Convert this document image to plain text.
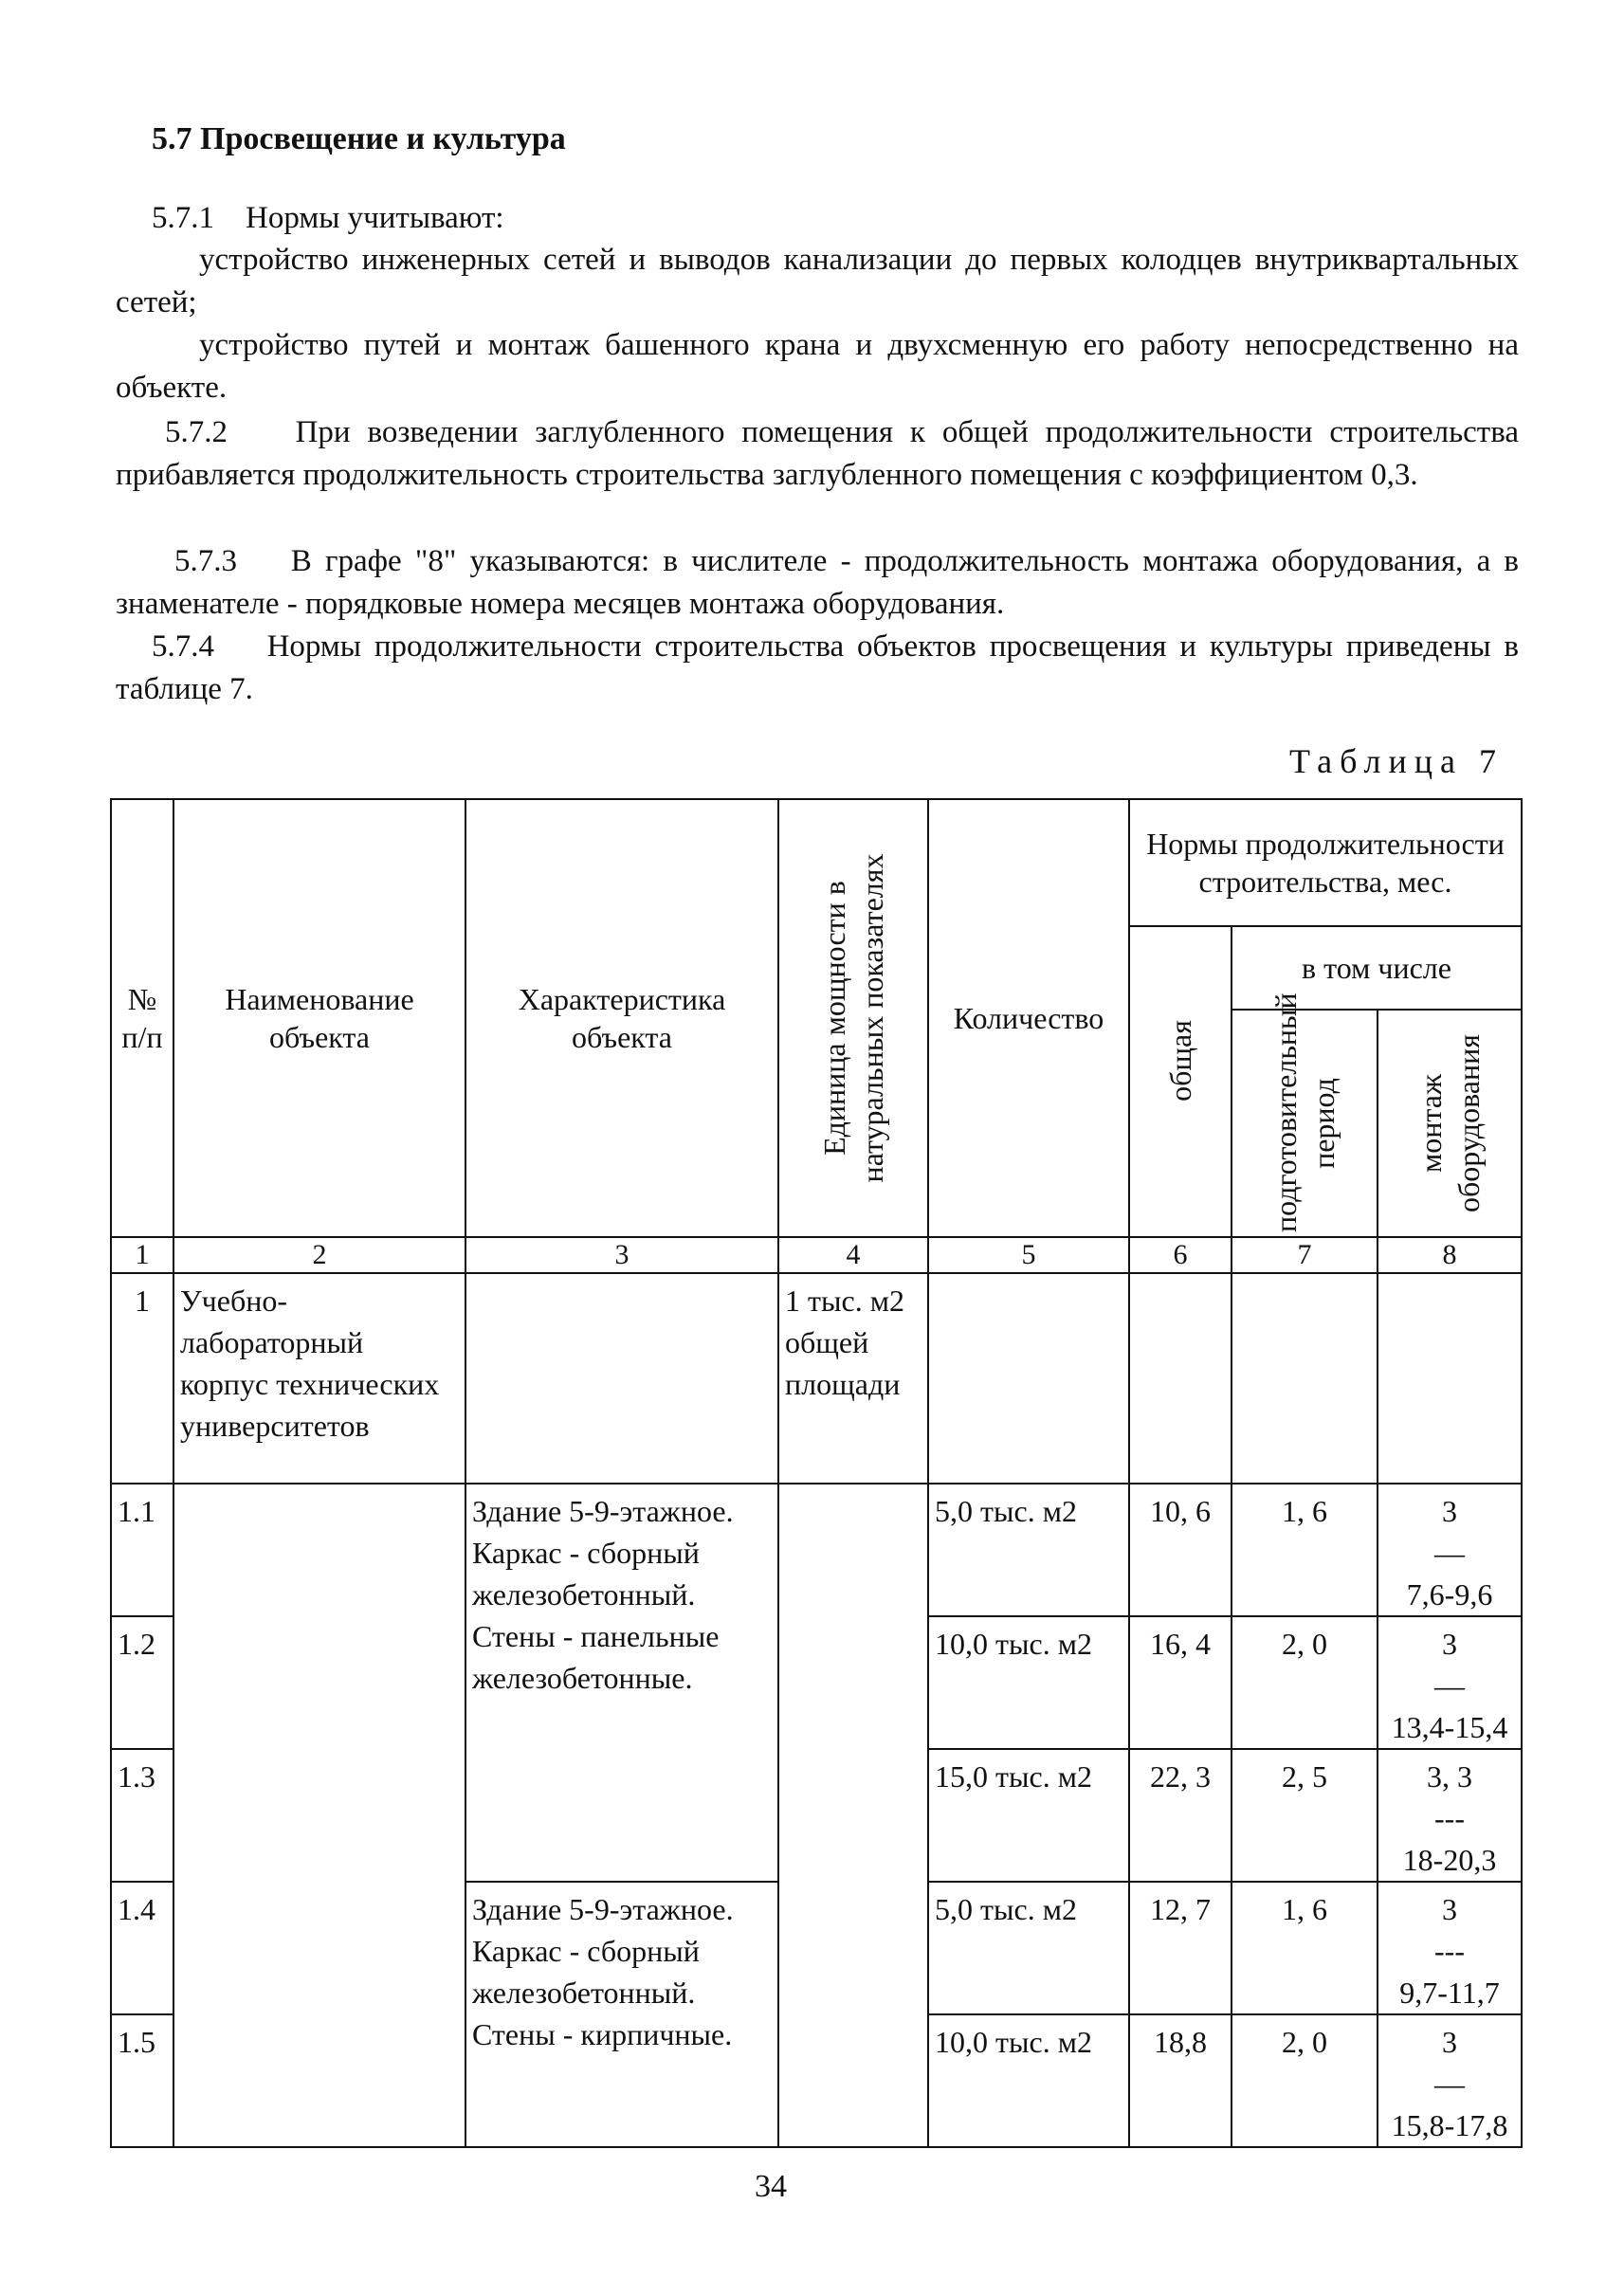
5.7 Просвещение и культура
5.7.1 Нормы учитывают:
устройство инженерных сетей и выводов канализации до первых колодцев внутриквартальных сетей;
устройство путей и монтаж башенного крана и двухсменную его работу непосредственно на объекте.
5.7.2 При возведении заглубленного помещения к общей продолжительности строительства прибавляется продолжительность строительства заглубленного помещения с коэффициентом 0,3.
5.7.3 В графе "8" указываются: в числителе - продолжительность монтажа оборудования, а в знаменателе - порядковые номера месяцев монтажа оборудования.
5.7.4 Нормы продолжительности строительства объектов просвещения и культуры приведены в таблице 7.
Таблица 7
№ п/п	Наименование объекта	Характеристика объекта	Единица мощности в натуральных показателях	Количество	Нормы продолжительности строительства, мес.		

					общая	в том числе	

						подготовительный период	монтаж оборудования

1	2	3	4	5	6	7	8
1	Учебно-лабораторный корпус технических университетов		1 тыс. м2 общей площади				
1.1		Здание 5-9-этажное. Каркас - сборный железобетонный. Стены - панельные железобетонные.		5,0 тыс. м2	10, 6	1, 6	3
—
7,6-9,6

1.2				10,0 тыс. м2	16, 4	2, 0	3
—
13,4-15,4

1.3				15,0 тыс. м2	22, 3	2, 5	3, 3
---
18-20,3

1.4		Здание 5-9-этажное. Каркас - сборный железобетонный. Стены - кирпичные.		5,0 тыс. м2	12, 7	1, 6	3
---
9,7-11,7

1.5				10,0 тыс. м2	18,8	2, 0	3
—
15,8-17,8
34
